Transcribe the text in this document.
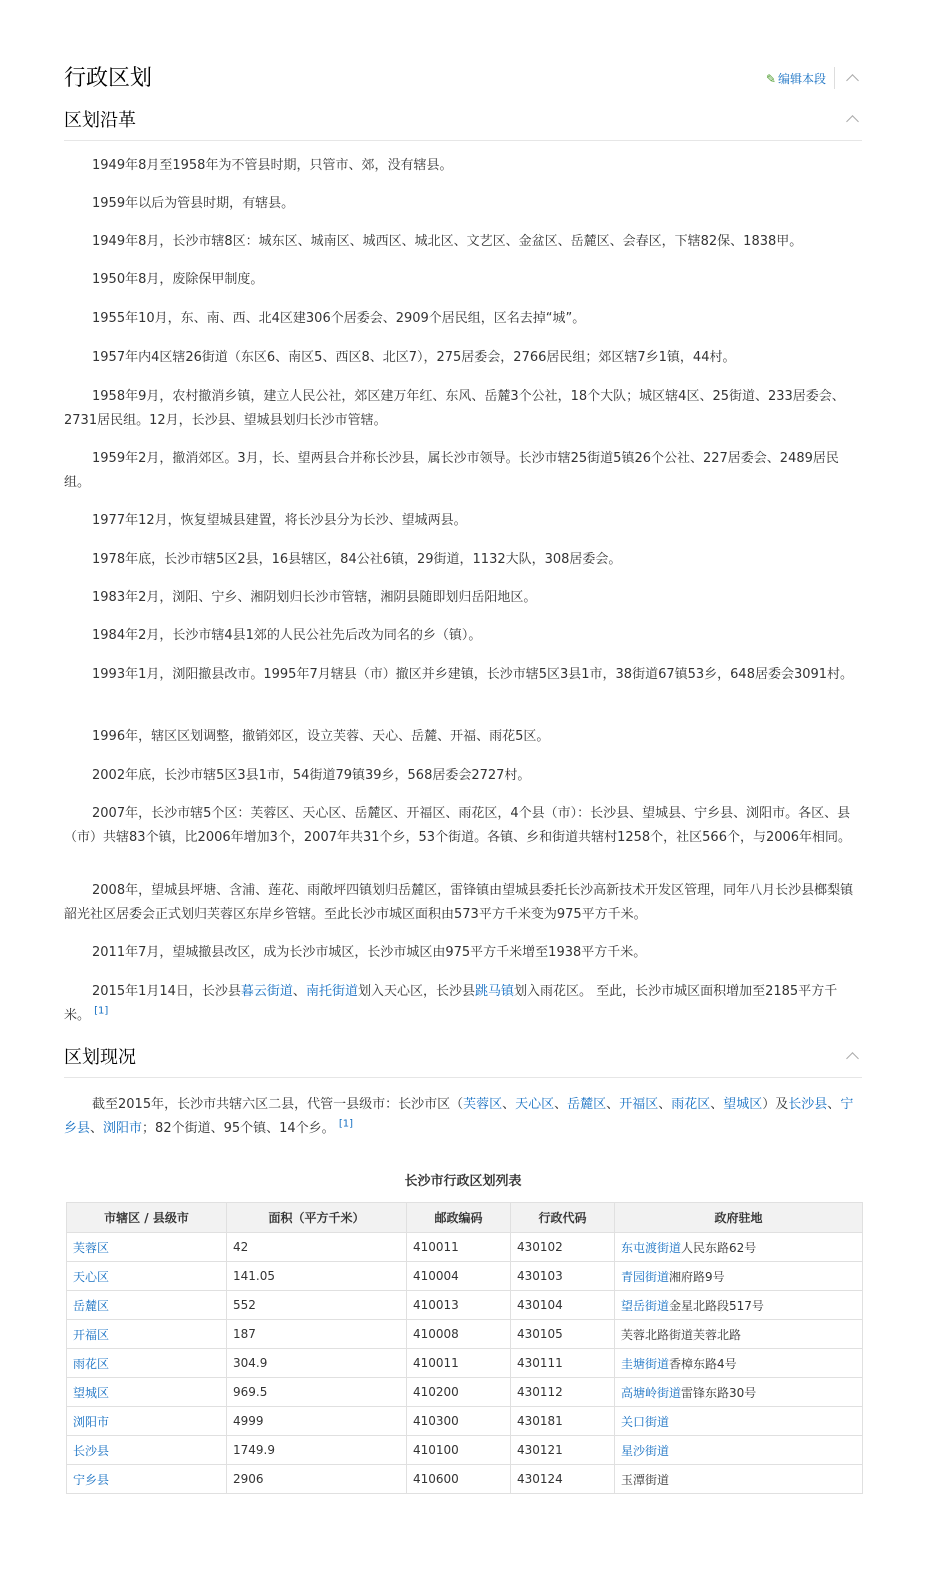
行政区划	✎ 编辑本段
区划沿革

1949年8月至1958年为不管县时期，只管市、郊，没有辖县。

1959年以后为管县时期，有辖县。

1949年8月，长沙市辖8区：城东区、城南区、城西区、城北区、文艺区、金盆区、岳麓区、会春区，下辖82保、1838甲。

1950年8月，废除保甲制度。

1955年10月，东、南、西、北4区建306个居委会、2909个居民组，区名去掉“城”。

1957年内4区辖26街道（东区6、南区5、西区8、北区7），275居委会，2766居民组；郊区辖7乡1镇，44村。

1958年9月，农村撤消乡镇，建立人民公社，郊区建万年红、东风、岳麓3个公社，18个大队；城区辖4区、25街道、233居委会、2731居民组。12月，长沙县、望城县划归长沙市管辖。

1959年2月，撤消郊区。3月，长、望两县合并称长沙县，属长沙市领导。长沙市辖25街道5镇26个公社、227居委会、2489居民组。

1977年12月，恢复望城县建置，将长沙县分为长沙、望城两县。

1978年底，长沙市辖5区2县，16县辖区，84公社6镇，29街道，1132大队，308居委会。

1983年2月，浏阳、宁乡、湘阴划归长沙市管辖，湘阴县随即划归岳阳地区。

1984年2月，长沙市辖4县1郊的人民公社先后改为同名的乡（镇）。

1993年1月，浏阳撤县改市。1995年7月辖县（市）撤区并乡建镇，长沙市辖5区3县1市，38街道67镇53乡，648居委会3091村。

1996年，辖区区划调整，撤销郊区，设立芙蓉、天心、岳麓、开福、雨花5区。

2002年底，长沙市辖5区3县1市，54街道79镇39乡，568居委会2727村。

2007年，长沙市辖5个区：芙蓉区、天心区、岳麓区、开福区、雨花区，4个县（市）：长沙县、望城县、宁乡县、浏阳市。各区、县（市）共辖83个镇，比2006年增加3个，2007年共31个乡，53个街道。各镇、乡和街道共辖村1258个，社区566个，与2006年相同。

2008年，望城县坪塘、含浦、莲花、雨敞坪四镇划归岳麓区，雷锋镇由望城县委托长沙高新技术开发区管理，同年八月长沙县榔梨镇韶光社区居委会正式划归芙蓉区东岸乡管辖。至此长沙市城区面积由573平方千米变为975平方千米。

2011年7月，望城撤县改区，成为长沙市城区，长沙市城区由975平方千米增至1938平方千米。

2015年1月14日，长沙县暮云街道、南托街道划入天心区，长沙县跳马镇划入雨花区。 至此，长沙市城区面积增加至2185平方千米。 [1]

区划现况

截至2015年，长沙市共辖六区二县，代管一县级市：长沙市区（芙蓉区、天心区、岳麓区、开福区、雨花区、望城区）及长沙县、宁乡县、浏阳市；82个街道、95个镇、14个乡。 [1]

长沙市行政区划列表
市辖区 / 县级市	面积（平方千米）	邮政编码	行政代码	政府驻地
芙蓉区	42	410011	430102	东屯渡街道人民东路62号
天心区	141.05	410004	430103	青园街道湘府路9号
岳麓区	552	410013	430104	望岳街道金星北路段517号
开福区	187	410008	430105	芙蓉北路街道芙蓉北路
雨花区	304.9	410011	430111	圭塘街道香樟东路4号
望城区	969.5	410200	430112	高塘岭街道雷锋东路30号
浏阳市	4999	410300	430181	关口街道
长沙县	1749.9	410100	430121	星沙街道
宁乡县	2906	410600	430124	玉潭街道
